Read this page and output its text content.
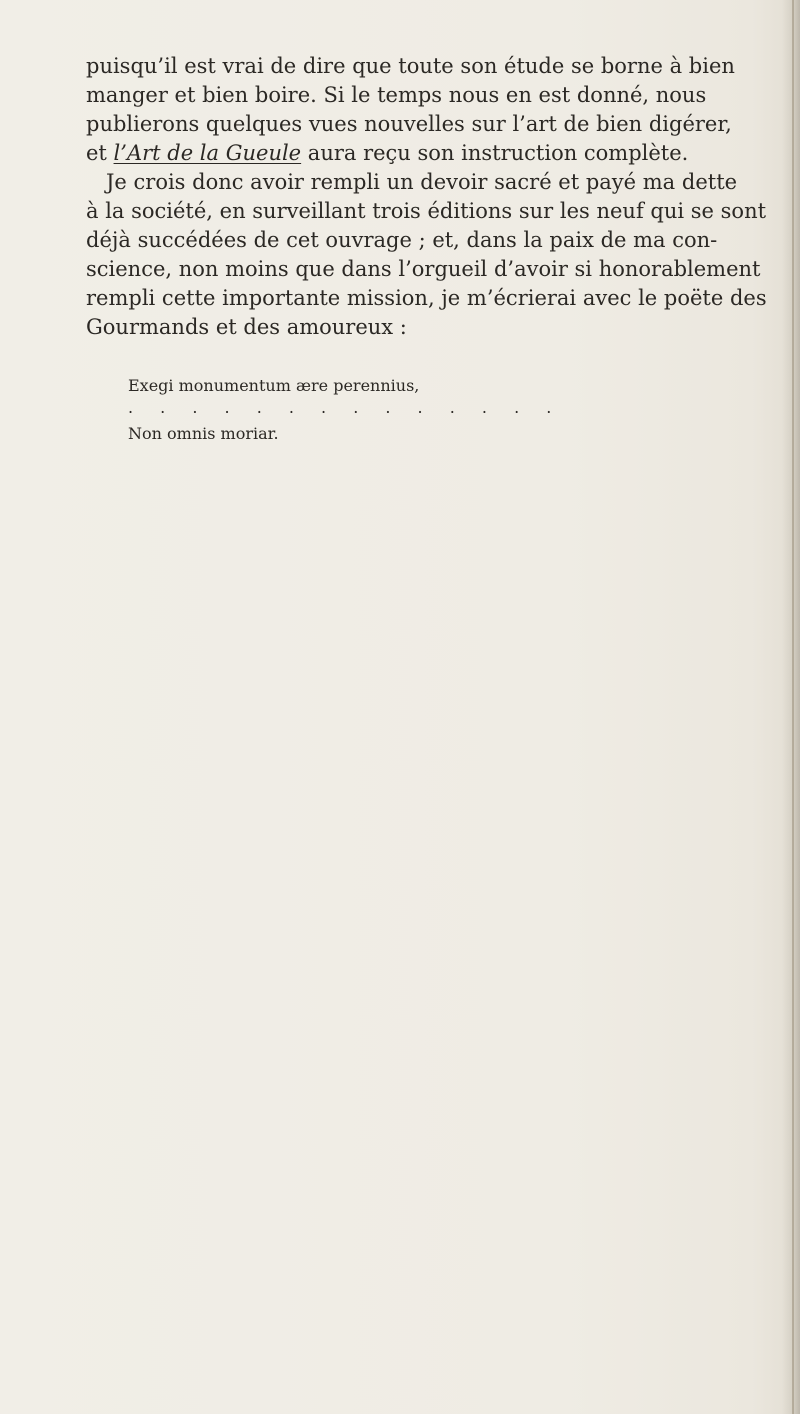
puisqu’il est vrai de dire que toute son étude se borne à bien
manger et bien boire. Si le temps nous en est donné, nous
publierons quelques vues nouvelles sur l’art de bien digérer,
et l’Art de la Gueule aura reçu son instruction complète.
Je crois donc avoir rempli un devoir sacré et payé ma dette
à la société, en surveillant trois éditions sur les neuf qui se sont
déjà succédées de cet ouvrage ; et, dans la paix de ma con-
science, non moins que dans l’orgueil d’avoir si honorablement
rempli cette importante mission, je m’écrierai avec le poëte des
Gourmands et des amoureux :
Exegi monumentum ære perennius,
. . . . . . . . . . . . . .
Non omnis moriar.
